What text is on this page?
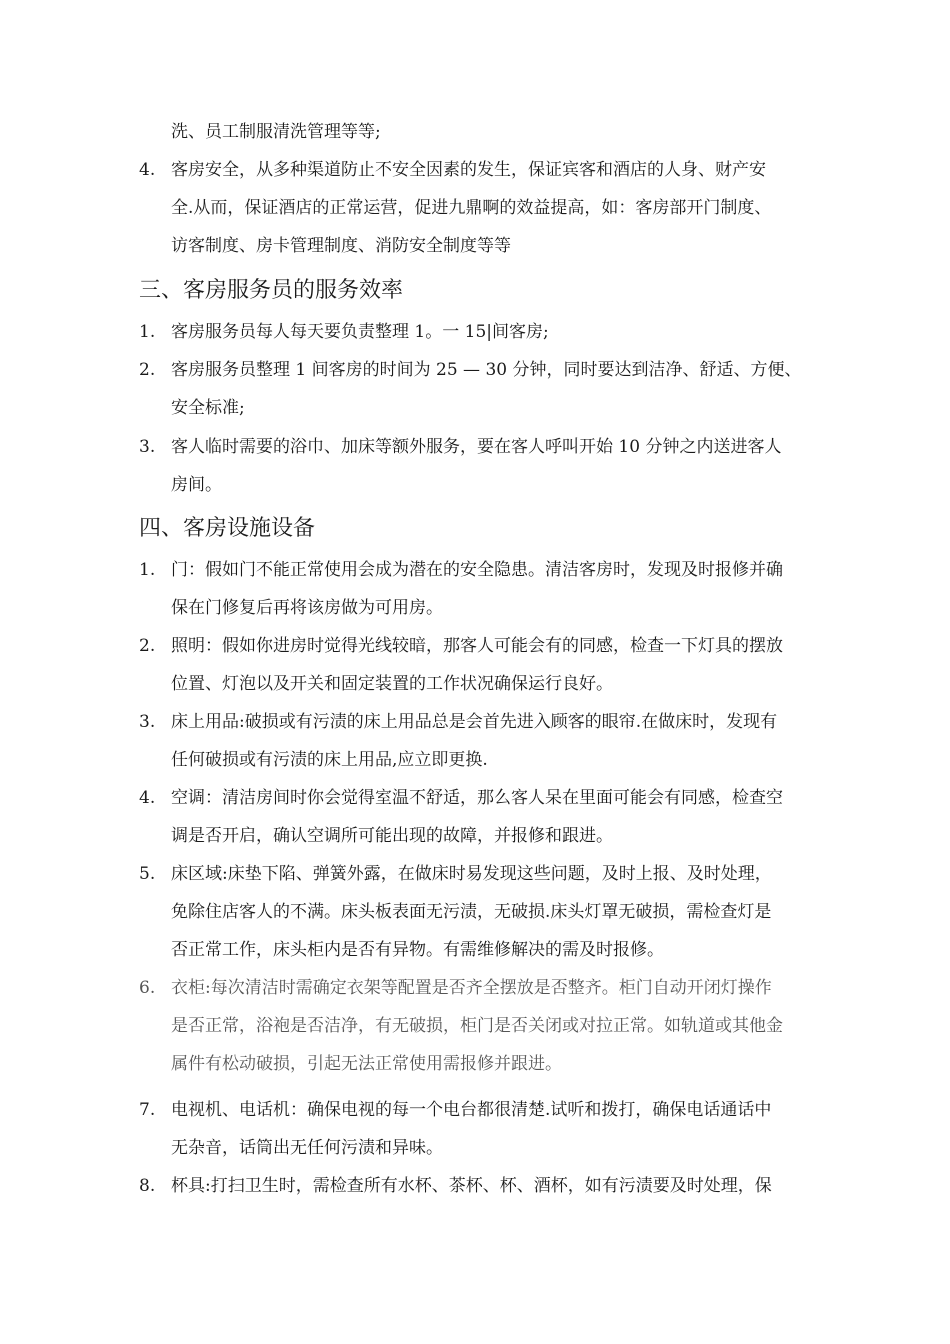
洗、员工制服清洗管理等等;
4. 客房安全，从多种渠道防止不安全因素的发生，保证宾客和酒店的人身、财产安
全.从而，保证酒店的正常运营，促进九鼎啊的效益提高，如：客房部开门制度、
访客制度、房卡管理制度、消防安全制度等等
三、客房服务员的服务效率
1. 客房服务员每人每天要负责整理 1。一 15|间客房;
2. 客房服务员整理 1 间客房的时间为 25 — 30 分钟，同时要达到洁净、舒适、方便、
安全标准;
3. 客人临时需要的浴巾、加床等额外服务，要在客人呼叫开始 10 分钟之内送进客人
房间。
四、客房设施设备
1. 门：假如门不能正常使用会成为潜在的安全隐患。清洁客房时，发现及时报修并确
保在门修复后再将该房做为可用房。
2. 照明：假如你进房时觉得光线较暗，那客人可能会有的同感，检查一下灯具的摆放
位置、灯泡以及开关和固定装置的工作状况确保运行良好。
3. 床上用品:破损或有污渍的床上用品总是会首先进入顾客的眼帘.在做床时，发现有
任何破损或有污渍的床上用品,应立即更换.
4. 空调：清洁房间时你会觉得室温不舒适，那么客人呆在里面可能会有同感，检查空
调是否开启，确认空调所可能出现的故障，并报修和跟进。
5. 床区域:床垫下陷、弹簧外露，在做床时易发现这些问题，及时上报、及时处理，
免除住店客人的不满。床头板表面无污渍，无破损.床头灯罩无破损，需检查灯是
否正常工作，床头柜内是否有异物。有需维修解决的需及时报修。
6. 衣柜:每次清洁时需确定衣架等配置是否齐全摆放是否整齐。柜门自动开闭灯操作
是否正常，浴袍是否洁净，有无破损，柜门是否关闭或对拉正常。如轨道或其他金
属件有松动破损，引起无法正常使用需报修并跟进。
7. 电视机、电话机：确保电视的每一个电台都很清楚.试听和拨打，确保电话通话中
无杂音，话筒出无任何污渍和异味。
8. 杯具:打扫卫生时，需检查所有水杯、茶杯、杯、酒杯，如有污渍要及时处理，保
